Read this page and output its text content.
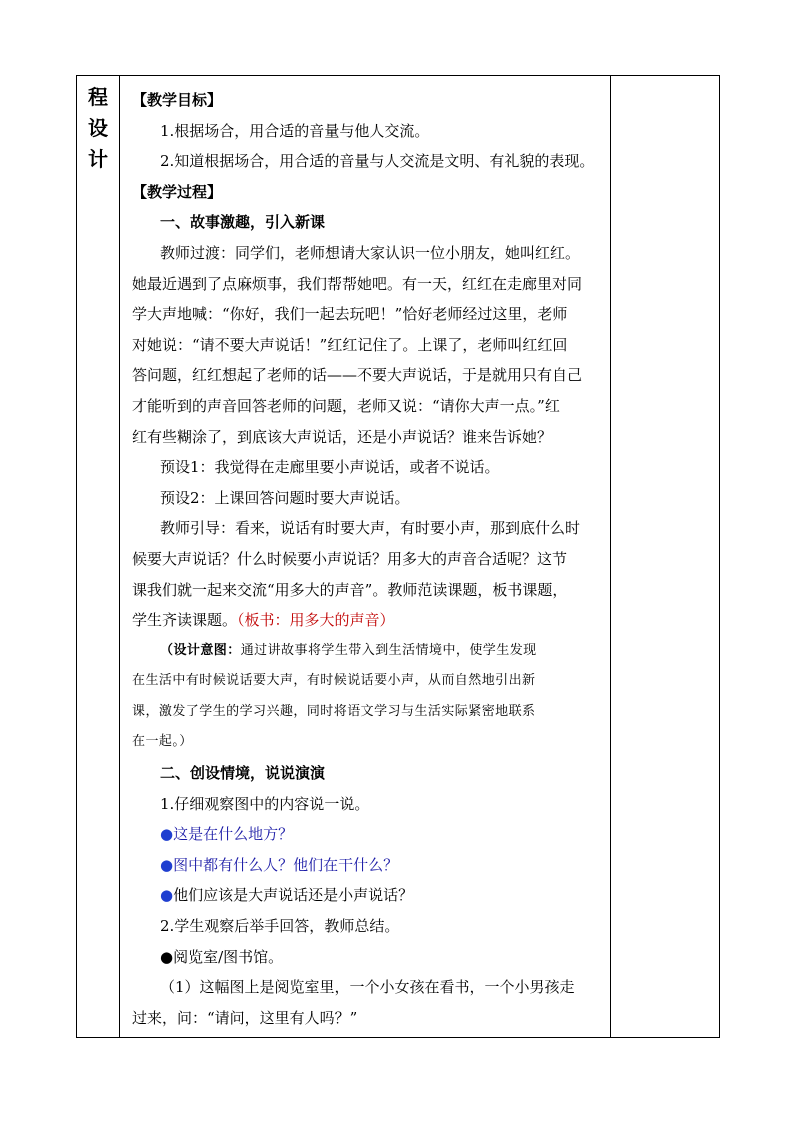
程
设
计

【教学目标】
1.根据场合，用合适的音量与他人交流。
2.知道根据场合，用合适的音量与人交流是文明、有礼貌的表现。
【教学过程】
一、故事激趣，引入新课
教师过渡：同学们，老师想请大家认识一位小朋友，她叫红红。
她最近遇到了点麻烦事，我们帮帮她吧。有一天，红红在走廊里对同
学大声地喊：“你好，我们一起去玩吧！”恰好老师经过这里，老师
对她说：“请不要大声说话！”红红记住了。上课了，老师叫红红回
答问题，红红想起了老师的话——不要大声说话，于是就用只有自己
才能听到的声音回答老师的问题，老师又说：“请你大声一点。”红
红有些糊涂了，到底该大声说话，还是小声说话？谁来告诉她？
预设1：我觉得在走廊里要小声说话，或者不说话。
预设2：上课回答问题时要大声说话。
教师引导：看来，说话有时要大声，有时要小声，那到底什么时
候要大声说话？什么时候要小声说话？用多大的声音合适呢？这节
课我们就一起来交流“用多大的声音”。教师范读课题，板书课题，
学生齐读课题。（板书：用多大的声音）
（设计意图：通过讲故事将学生带入到生活情境中，使学生发现
在生活中有时候说话要大声，有时候说话要小声，从而自然地引出新
课，激发了学生的学习兴趣，同时将语文学习与生活实际紧密地联系
在一起。）
二、创设情境，说说演演
1.仔细观察图中的内容说一说。
●这是在什么地方？
●图中都有什么人？他们在干什么？
●他们应该是大声说话还是小声说话？
2.学生观察后举手回答，教师总结。
●阅览室/图书馆。
（1）这幅图上是阅览室里，一个小女孩在看书，一个小男孩走
过来，问：“请问，这里有人吗？”
